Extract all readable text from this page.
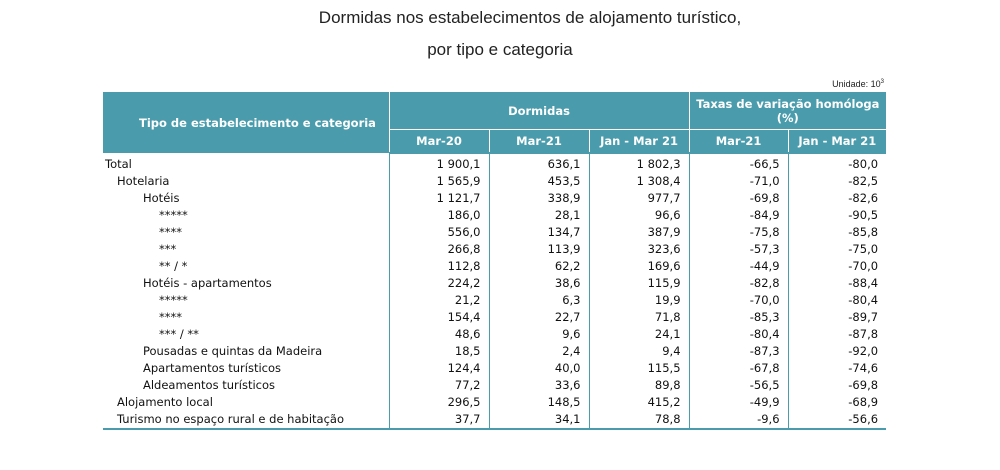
Dormidas nos estabelecimentos de alojamento turístico,
por tipo e categoria
Unidade: $10^3$
Tipo de estabelecimento e categoria	Dormidas			Taxas de variação homóloga (%)	
	Mar-20	Mar-21	Jan - Mar 21	Mar-21	Jan - Mar 21
Total	1 900,1	636,1	1 802,3	-66,5	-80,0
Hotelaria	1 565,9	453,5	1 308,4	-71,0	-82,5
Hotéis	1 121,7	338,9	977,7	-69,8	-82,6
*****	186,0	28,1	96,6	-84,9	-90,5
****	556,0	134,7	387,9	-75,8	-85,8
***	266,8	113,9	323,6	-57,3	-75,0
** / *	112,8	62,2	169,6	-44,9	-70,0
Hotéis - apartamentos	224,2	38,6	115,9	-82,8	-88,4
*****	21,2	6,3	19,9	-70,0	-80,4
****	154,4	22,7	71,8	-85,3	-89,7
*** / **	48,6	9,6	24,1	-80,4	-87,8
Pousadas e quintas da Madeira	18,5	2,4	9,4	-87,3	-92,0
Apartamentos turísticos	124,4	40,0	115,5	-67,8	-74,6
Aldeamentos turísticos	77,2	33,6	89,8	-56,5	-69,8
Alojamento local	296,5	148,5	415,2	-49,9	-68,9
Turismo no espaço rural e de habitação	37,7	34,1	78,8	-9,6	-56,6
